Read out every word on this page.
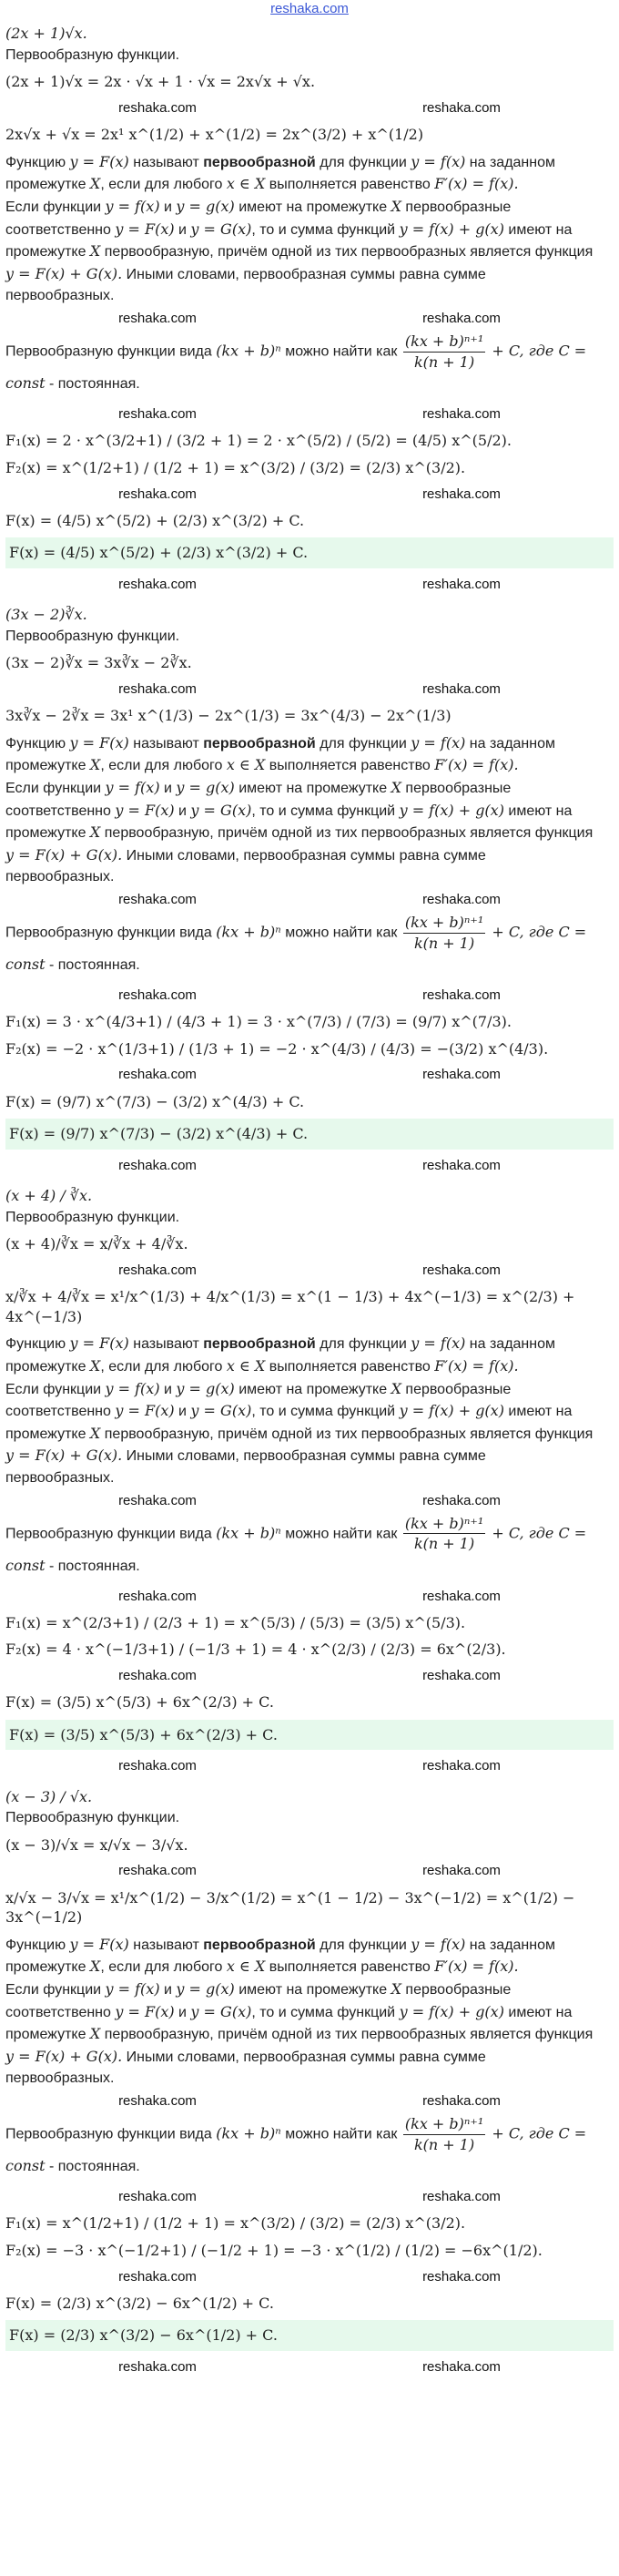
reshaka.com
(2x + 1)√x.
Первообразную функции.
(2x + 1)√x = 2x · √x + 1 · √x = 2x√x + √x.
reshaka.com	reshaka.com
2x√x + √x = 2x¹ x^(1/2) + x^(1/2) = 2x^(3/2) + x^(1/2)
Функцию y = F(x) называют первообразной для функции y = f(x) на заданном
промежутке X, если для любого x ∈ X выполняется равенство F′(x) = f(x).
Если функции y = f(x) и y = g(x) имеют на промежутке X первообразные
соответственно y = F(x) и y = G(x), то и сумма функций y = f(x) + g(x) имеют на
промежутке X первообразную, причём одной из тих первообразных является функция
y = F(x) + G(x). Иными словами, первообразная суммы равна сумме
первообразных.
reshaka.com	reshaka.com
Первообразную функции вида (kx + b)ⁿ можно найти как $\frac{\text{(kx + b)ⁿ⁺¹}}{k(n + 1)} + C$, где C =
const - постоянная.
reshaka.com	reshaka.com
F₁(x) = 2 · x^(3/2+1) / (3/2 + 1) = 2 · x^(5/2) / (5/2) = (4/5) x^(5/2).
F₂(x) = x^(1/2+1) / (1/2 + 1) = x^(3/2) / (3/2) = (2/3) x^(3/2).
reshaka.com	reshaka.com
F(x) = (4/5) x^(5/2) + (2/3) x^(3/2) + C.
F(x) = (4/5) x^(5/2) + (2/3) x^(3/2) + C.
reshaka.com	reshaka.com
(3x − 2)∛x.
Первообразную функции.
(3x − 2)∛x = 3x∛x − 2∛x.
reshaka.com	reshaka.com
3x∛x − 2∛x = 3x¹ x^(1/3) − 2x^(1/3) = 3x^(4/3) − 2x^(1/3)
Функцию y = F(x) называют первообразной для функции y = f(x) на заданном
промежутке X, если для любого x ∈ X выполняется равенство F′(x) = f(x).
Если функции y = f(x) и y = g(x) имеют на промежутке X первообразные
соответственно y = F(x) и y = G(x), то и сумма функций y = f(x) + g(x) имеют на
промежутке X первообразную, причём одной из тих первообразных является функция
y = F(x) + G(x). Иными словами, первообразная суммы равна сумме
первообразных.
reshaka.com	reshaka.com
Первообразную функции вида (kx + b)ⁿ можно найти как $\frac{\text{(kx + b)ⁿ⁺¹}}{k(n + 1)} + C$, где C =
const - постоянная.
reshaka.com	reshaka.com
F₁(x) = 3 · x^(4/3+1) / (4/3 + 1) = 3 · x^(7/3) / (7/3) = (9/7) x^(7/3).
F₂(x) = −2 · x^(1/3+1) / (1/3 + 1) = −2 · x^(4/3) / (4/3) = −(3/2) x^(4/3).
reshaka.com	reshaka.com
F(x) = (9/7) x^(7/3) − (3/2) x^(4/3) + C.
F(x) = (9/7) x^(7/3) − (3/2) x^(4/3) + C.
reshaka.com	reshaka.com
(x + 4) / ∛x.
Первообразную функции.
(x + 4)/∛x = x/∛x + 4/∛x.
reshaka.com	reshaka.com
x/∛x + 4/∛x = x¹/x^(1/3) + 4/x^(1/3) = x^(1 − 1/3) + 4x^(−1/3) = x^(2/3) + 4x^(−1/3)
Функцию y = F(x) называют первообразной для функции y = f(x) на заданном
промежутке X, если для любого x ∈ X выполняется равенство F′(x) = f(x).
Если функции y = f(x) и y = g(x) имеют на промежутке X первообразные
соответственно y = F(x) и y = G(x), то и сумма функций y = f(x) + g(x) имеют на
промежутке X первообразную, причём одной из тих первообразных является функция
y = F(x) + G(x). Иными словами, первообразная суммы равна сумме
первообразных.
reshaka.com	reshaka.com
Первообразную функции вида (kx + b)ⁿ можно найти как $\frac{\text{(kx + b)ⁿ⁺¹}}{k(n + 1)} + C$, где C =
const - постоянная.
reshaka.com	reshaka.com
F₁(x) = x^(2/3+1) / (2/3 + 1) = x^(5/3) / (5/3) = (3/5) x^(5/3).
F₂(x) = 4 · x^(−1/3+1) / (−1/3 + 1) = 4 · x^(2/3) / (2/3) = 6x^(2/3).
reshaka.com	reshaka.com
F(x) = (3/5) x^(5/3) + 6x^(2/3) + C.
F(x) = (3/5) x^(5/3) + 6x^(2/3) + C.
reshaka.com	reshaka.com
(x − 3) / √x.
Первообразную функции.
(x − 3)/√x = x/√x − 3/√x.
reshaka.com	reshaka.com
x/√x − 3/√x = x¹/x^(1/2) − 3/x^(1/2) = x^(1 − 1/2) − 3x^(−1/2) = x^(1/2) − 3x^(−1/2)
Функцию y = F(x) называют первообразной для функции y = f(x) на заданном
промежутке X, если для любого x ∈ X выполняется равенство F′(x) = f(x).
Если функции y = f(x) и y = g(x) имеют на промежутке X первообразные
соответственно y = F(x) и y = G(x), то и сумма функций y = f(x) + g(x) имеют на
промежутке X первообразную, причём одной из тих первообразных является функция
y = F(x) + G(x). Иными словами, первообразная суммы равна сумме
первообразных.
reshaka.com	reshaka.com
Первообразную функции вида (kx + b)ⁿ можно найти как $\frac{\text{(kx + b)ⁿ⁺¹}}{k(n + 1)} + C$, где C =
const - постоянная.
reshaka.com	reshaka.com
F₁(x) = x^(1/2+1) / (1/2 + 1) = x^(3/2) / (3/2) = (2/3) x^(3/2).
F₂(x) = −3 · x^(−1/2+1) / (−1/2 + 1) = −3 · x^(1/2) / (1/2) = −6x^(1/2).
reshaka.com	reshaka.com
F(x) = (2/3) x^(3/2) − 6x^(1/2) + C.
F(x) = (2/3) x^(3/2) − 6x^(1/2) + C.
reshaka.com	reshaka.com
